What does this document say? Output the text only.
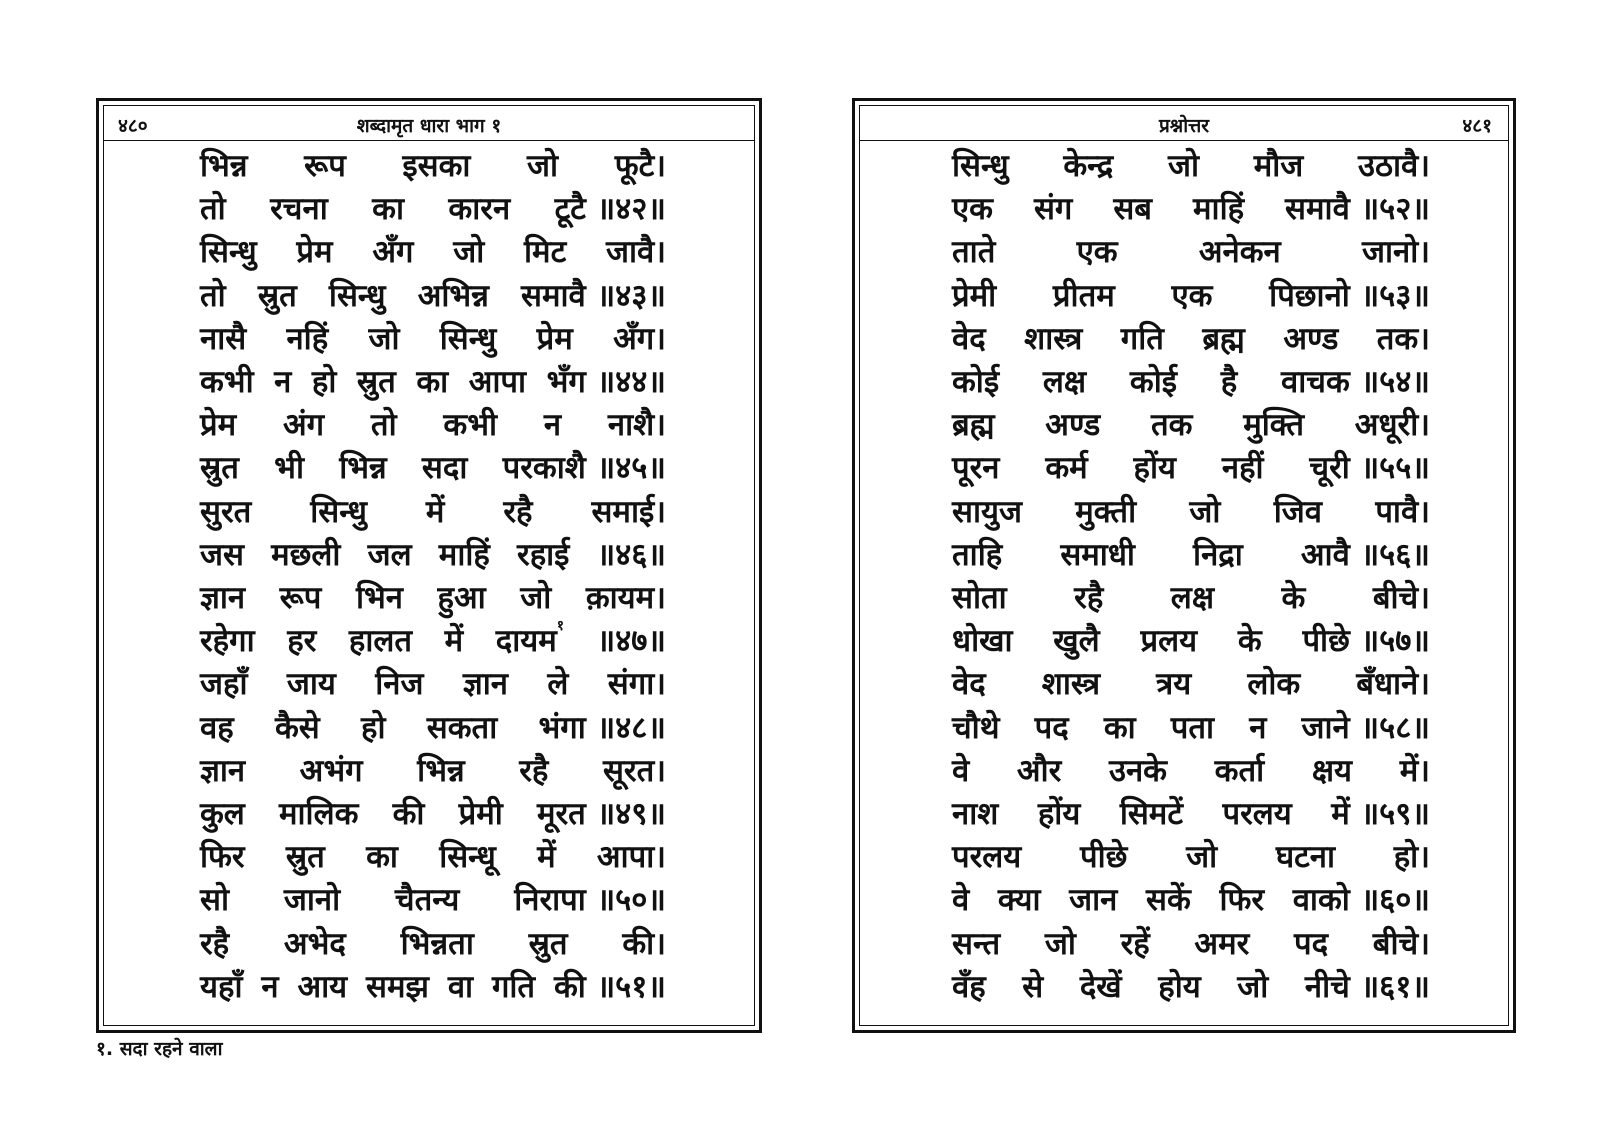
४८०	शब्दामृत धारा भाग १
भिन्न रूप इसका जो फूटै।
तो रचना का कारन टूटै ॥४२॥
सिन्धु प्रेम अँग जो मिट जावै।
तो स्रुत सिन्धु अभिन्न समावै ॥४३॥
नासै नहिं जो सिन्धु प्रेम अँग।
कभी न हो स्रुत का आपा भँग ॥४४॥
प्रेम अंग तो कभी न नाशै।
स्रुत भी भिन्न सदा परकाशै ॥४५॥
सुरत सिन्धु में रहै समाई।
जस मछली जल माहिं रहाई ॥४६॥
ज्ञान रूप भिन हुआ जो क़ायम।
रहेगा हर हालत में दायम$^१$ ॥४७॥
जहाँ जाय निज ज्ञान ले संगा।
वह कैसे हो सकता भंगा ॥४८॥
ज्ञान अभंग भिन्न रहै सूरत।
कुल मालिक की प्रेमी मूरत ॥४९॥
फिर स्रुत का सिन्धू में आपा।
सो जानो चैतन्य निरापा ॥५०॥
रहै अभेद भिन्नता स्रुत की।
यहाँ न आय समझ वा गति की ॥५१॥
प्रश्नोत्तर	४८१
सिन्धु केन्द्र जो मौज उठावै।
एक संग सब माहिं समावै ॥५२॥
ताते	एक	अनेकन	जानो।
प्रेमी प्रीतम एक पिछानो ॥५३॥
वेद शास्त्र गति ब्रह्म अण्ड तक।
कोई लक्ष कोई है वाचक ॥५४॥
ब्रह्म अण्ड तक मुक्ति अधूरी।
पूरन कर्म होंय नहीं चूरी ॥५५॥
सायुज मुक्ती जो जिव पावै।
ताहि समाधी निद्रा आवै ॥५६॥
सोता रहै लक्ष के बीचे।
धोखा खुलै प्रलय के पीछे ॥५७॥
वेद शास्त्र त्रय लोक बँधाने।
चौथे पद का पता न जाने ॥५८॥
वे और उनके कर्ता क्षय में।
नाश होंय सिमटें परलय में ॥५९॥
परलय पीछे जो घटना हो।
वे क्या जान सकें फिर वाको ॥६०॥
सन्त जो रहें अमर पद बीचे।
वँह से देखें होय जो नीचे ॥६१॥
१. सदा रहने वाला
